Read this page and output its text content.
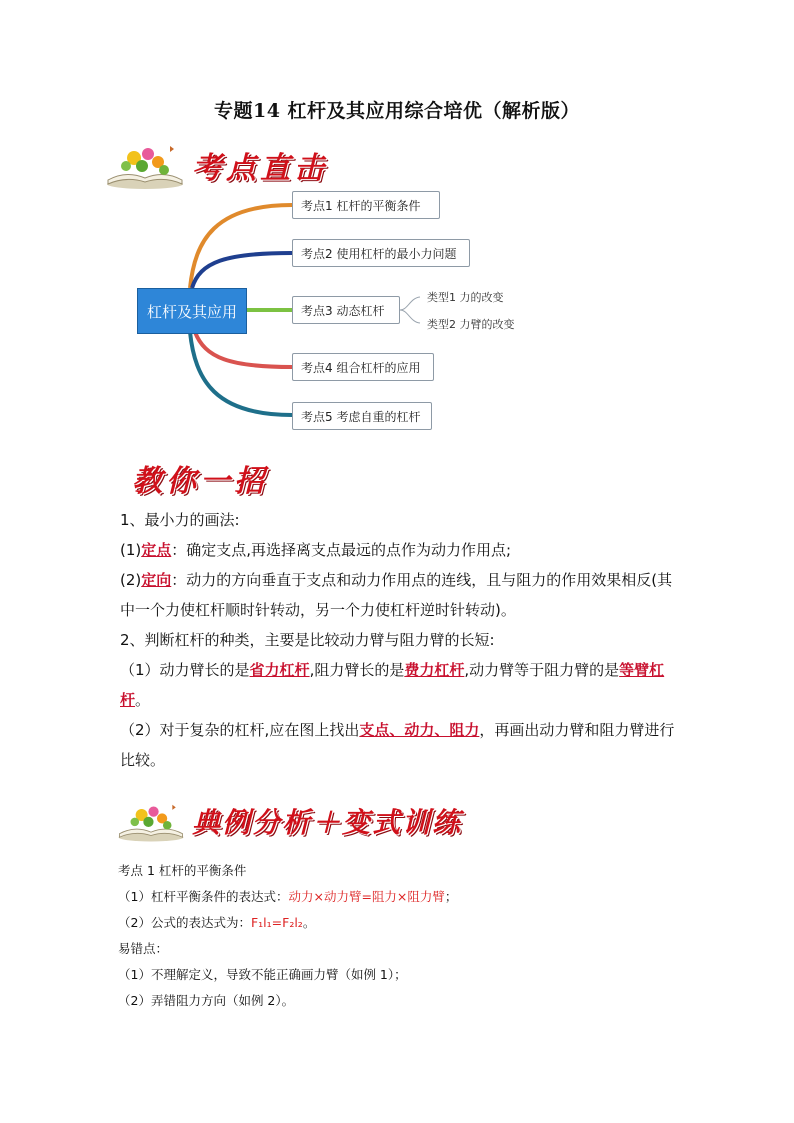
专题14 杠杆及其应用综合培优（解析版）
考点直击
杠杆及其应用
考点1 杠杆的平衡条件
考点2 使用杠杆的最小力问题
考点3 动态杠杆
考点4 组合杠杆的应用
考点5 考虑自重的杠杆
类型1 力的改变
类型2 力臂的改变
教你一招
1、最小力的画法:
(1)定点：确定支点,再选择离支点最远的点作为动力作用点;
(2)定向：动力的方向垂直于支点和动力作用点的连线，且与阻力的作用效果相反(其中一个力使杠杆顺时针转动，另一个力使杠杆逆时针转动)。
2、判断杠杆的种类，主要是比较动力臂与阻力臂的长短:
（1）动力臂长的是省力杠杆,阻力臂长的是费力杠杆,动力臂等于阻力臂的是等臂杠杆。
（2）对于复杂的杠杆,应在图上找出支点、动力、阻力，再画出动力臂和阻力臂进行比较。
典例分析＋变式训练
考点 1 杠杆的平衡条件
（1）杠杆平衡条件的表达式：动力×动力臂=阻力×阻力臂；
（2）公式的表达式为：F₁l₁=F₂l₂。
易错点：
（1）不理解定义，导致不能正确画力臂（如例 1）；
（2）弄错阻力方向（如例 2）。
